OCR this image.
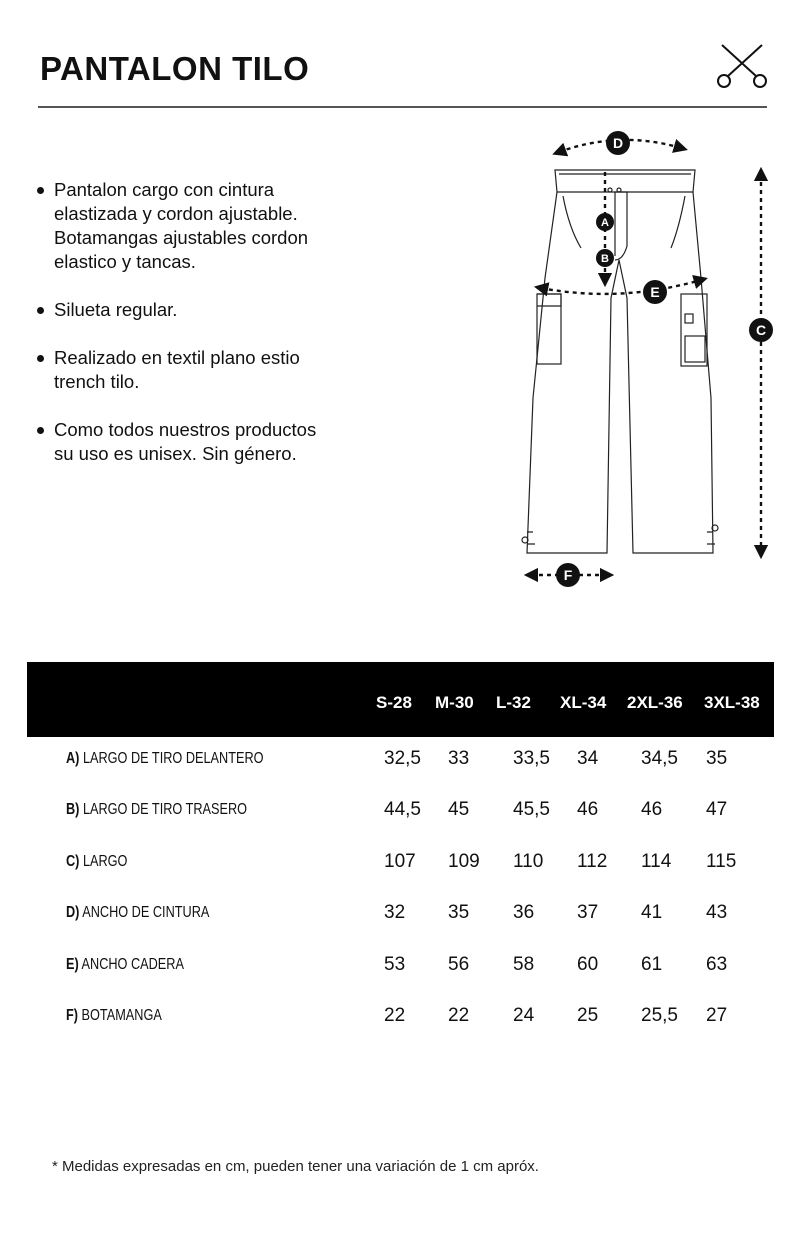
PANTALON TILO
Pantalon cargo con cintura elastizada y cordon ajustable. Botamangas ajustables cordon elastico y tancas.
Silueta regular.
Realizado en textil plano estio trench tilo.
Como todos nuestros productos su uso es unisex. Sin género.
D
A
B
E
C
F
S-28 M-30 L-32 XL-34 2XL-36 3XL-38
A) LARGO DE TIRO DELANTERO	32,5 33 33,5 34 34,5 35
B) LARGO DE TIRO TRASERO	44,5 45 45,5 46 46 47
C) LARGO	107 109 110 112 114 115
D) ANCHO DE CINTURA	32 35 36 37 41 43
E) ANCHO CADERA	53 56 58 60 61 63
F) BOTAMANGA	22 22 24 25 25,5 27
* Medidas expresadas en cm, pueden tener una variación de 1 cm apróx.
